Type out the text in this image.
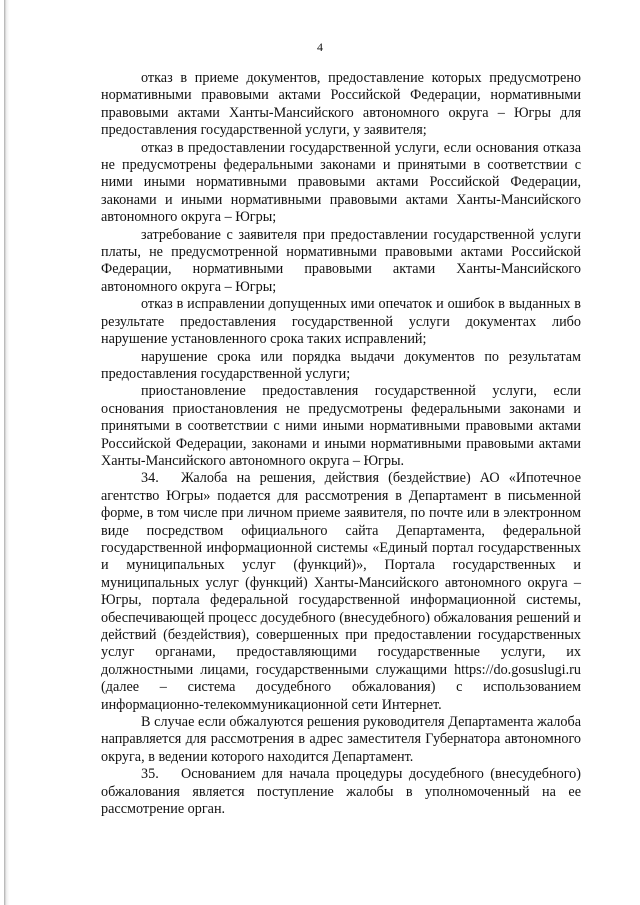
4

отказ в приеме документов, предоставление которых предусмотрено нормативными правовыми актами Российской Федерации, нормативными правовыми актами Ханты-Мансийского автономного округа – Югры для предоставления государственной услуги, у заявителя;

отказ в предоставлении государственной услуги, если основания отказа не предусмотрены федеральными законами и принятыми в соответствии с ними иными нормативными правовыми актами Российской Федерации, законами и иными нормативными правовыми актами Ханты-Мансийского автономного округа – Югры;

затребование с заявителя при предоставлении государственной услуги платы, не предусмотренной нормативными правовыми актами Российской Федерации, нормативными правовыми актами Ханты-Мансийского автономного округа – Югры;

отказ в исправлении допущенных ими опечаток и ошибок в выданных в результате предоставления государственной услуги документах либо нарушение установленного срока таких исправлений;

нарушение срока или порядка выдачи документов по результатам предоставления государственной услуги;

приостановление предоставления государственной услуги, если основания приостановления не предусмотрены федеральными законами и принятыми в соответствии с ними иными нормативными правовыми актами Российской Федерации, законами и иными нормативными правовыми актами Ханты-Мансийского автономного округа – Югры.

34. Жалоба на решения, действия (бездействие) АО «Ипотечное агентство Югры» подается для рассмотрения в Департамент в письменной форме, в том числе при личном приеме заявителя, по почте или в электронном виде посредством официального сайта Департамента, федеральной государственной информационной системы «Единый портал государственных и муниципальных услуг (функций)», Портала государственных и муниципальных услуг (функций) Ханты-Мансийского автономного округа – Югры, портала федеральной государственной информационной системы, обеспечивающей процесс досудебного (внесудебного) обжалования решений и действий (бездействия), совершенных при предоставлении государственных услуг органами, предоставляющими государственные услуги, их должностными лицами, государственными служащими https://do.gosuslugi.ru (далее – система досудебного обжалования) с использованием информационно-телекоммуникационной сети Интернет.

В случае если обжалуются решения руководителя Департамента жалоба направляется для рассмотрения в адрес заместителя Губернатора автономного округа, в ведении которого находится Департамент.

35. Основанием для начала процедуры досудебного (внесудебного) обжалования является поступление жалобы в уполномоченный на ее рассмотрение орган.
